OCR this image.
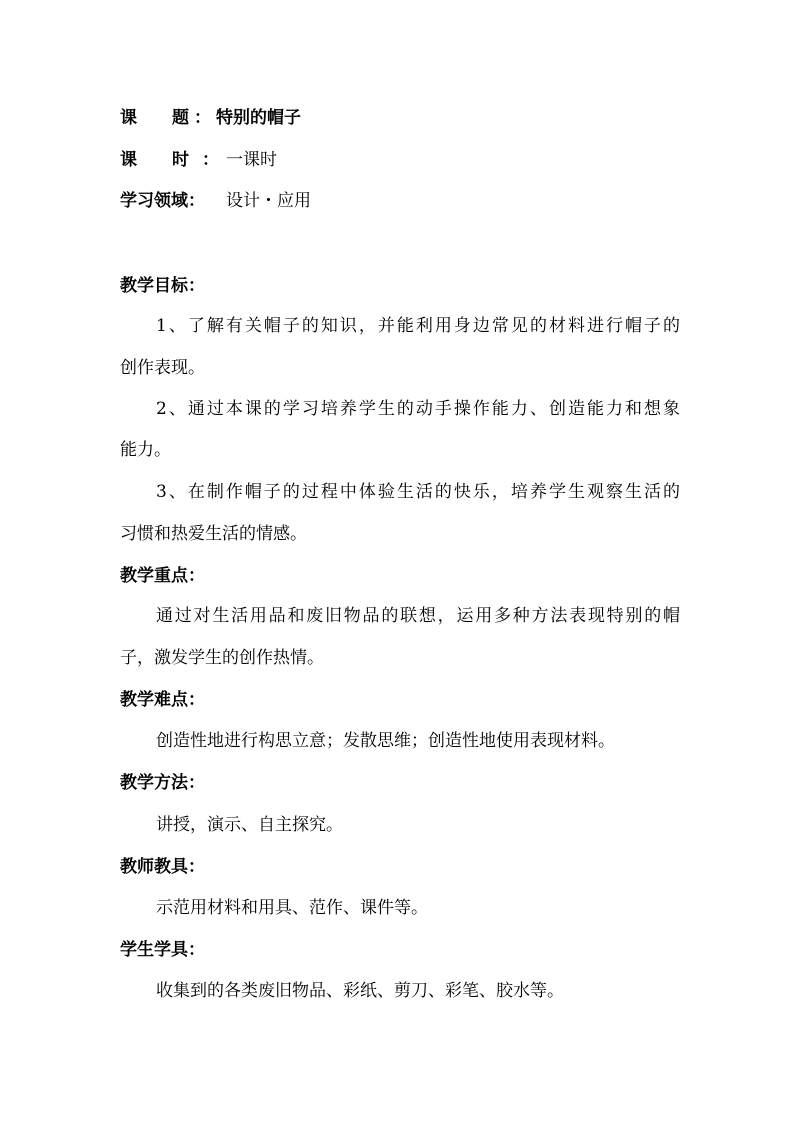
课 题 ： 特别的帽子
课 时 ： 一课时
学习领域： 设计・应用
教学目标：
1、了解有关帽子的知识，并能利用身边常见的材料进行帽子的
创作表现。
2、通过本课的学习培养学生的动手操作能力、创造能力和想象
能力。
3、在制作帽子的过程中体验生活的快乐，培养学生观察生活的
习惯和热爱生活的情感。
教学重点：
通过对生活用品和废旧物品的联想，运用多种方法表现特别的帽
子，激发学生的创作热情。
教学难点：
创造性地进行构思立意；发散思维；创造性地使用表现材料。
教学方法：
讲授，演示、自主探究。
教师教具：
示范用材料和用具、范作、课件等。
学生学具：
收集到的各类废旧物品、彩纸、剪刀、彩笔、胶水等。
